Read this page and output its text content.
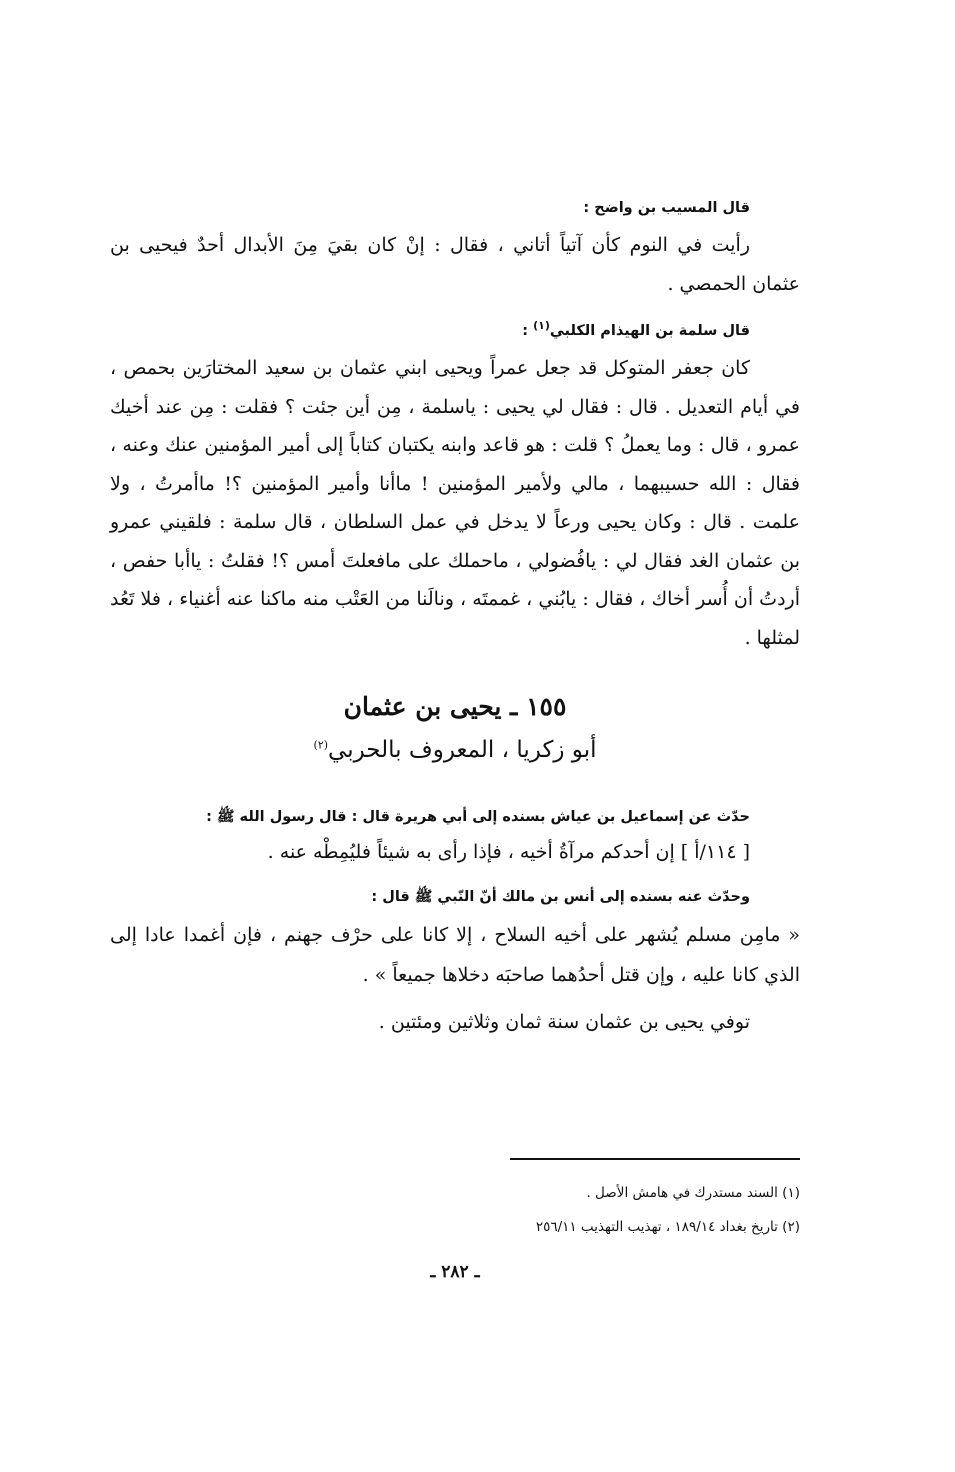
قال المسيب بن واضح :

رأيت في النوم كأن آتياً أتاني ، فقال : إنْ كان بقيَ مِنَ الأبدال أحدٌ فيحيى بن عثمان الحمصي .

قال سلمة بن الهيذام الكلبي$^{(١)}$ :

كان جعفر المتوكل قد جعل عمراً ويحيى ابني عثمان بن سعيد المختارَين بحمص ، في أيام التعديل . قال : فقال لي يحيى : ياسلمة ، مِن أين جئت ؟ فقلت : مِن عند أخيك عمرو ، قال : وما يعملُ ؟ قلت : هو قاعد وابنه يكتبان كتاباً إلى أمير المؤمنين عنك وعنه ، فقال : الله حسيبهما ، مالي ولأمير المؤمنين ! ماأنا وأمير المؤمنين ؟! ماأمرتُ ، ولا علمت . قال : وكان يحيى ورعاً لا يدخل في عمل السلطان ، قال سلمة : فلقيني عمرو بن عثمان الغد فقال لي : يافُضولي ، ماحملك على مافعلتَ أمس ؟! فقلتُ : ياأبا حفص ، أردتُ أن أُسر أخاك ، فقال : يابُني ، غممتَه ، ونالَنا من العَتْب منه ماكنا عنه أغنياء ، فلا تَعُد لمثلها .

١٥٥ ـ يحيى بن عثمان

أبو زكريا ، المعروف بالحربي$^{(٢)}$

حدّث عن إسماعيل بن عياش بسنده إلى أبي هريرة قال : قال رسول الله ﷺ :

[ ١١٤/أ ] إن أحدكم مرآةُ أخيه ، فإذا رأى به شيئاً فليُمِطْه عنه .

وحدّث عنه بسنده إلى أنس بن مالك أنّ النّبي ﷺ قال :

« مامِن مسلم يُشهر على أخيه السلاح ، إلا كانا على حرْف جهنم ، فإن أغمدا عادا إلى الذي كانا عليه ، وإن قتل أحدُهما صاحبَه دخلاها جميعاً » .

توفي يحيى بن عثمان سنة ثمان وثلاثين ومئتين .

(١) السند مستدرك في هامش الأصل .

(٢) تاريخ بغداد ١٨٩/١٤ ، تهذيب التهذيب ٢٥٦/١١

ـ ٢٨٢ ـ
